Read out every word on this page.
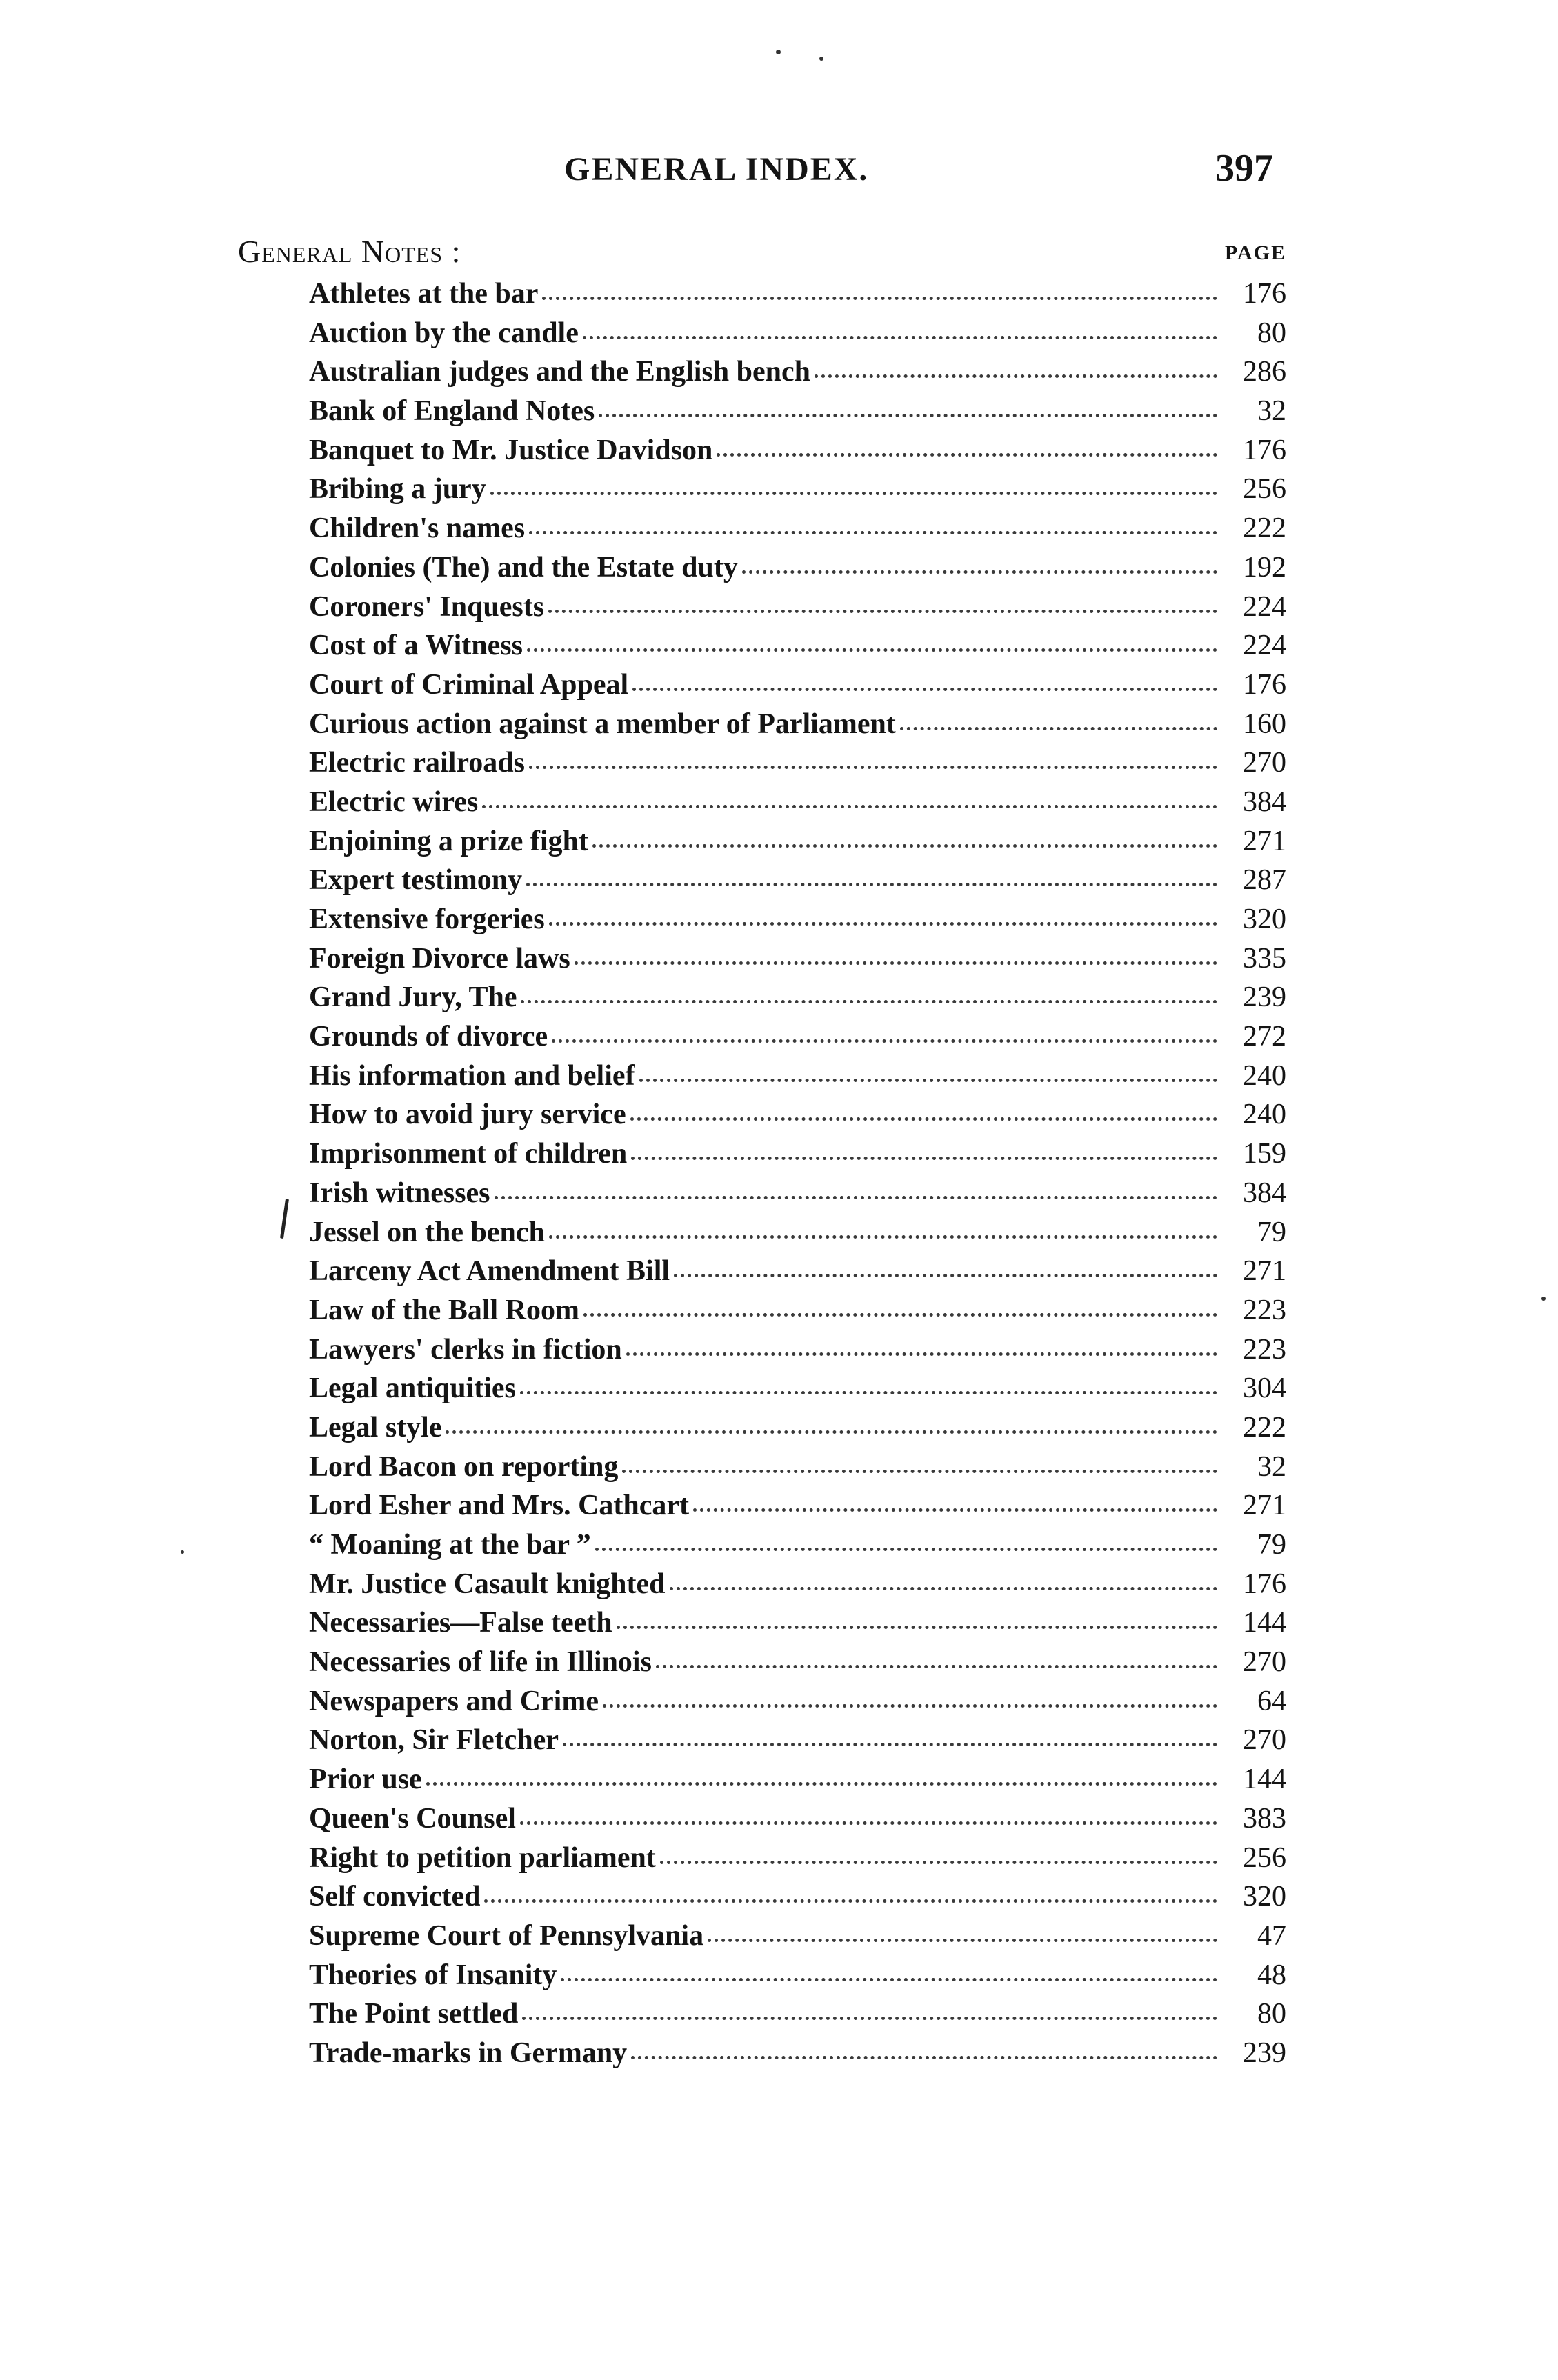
GENERAL INDEX.	397
General Notes :	PAGE
Athletes at the bar	176
Auction by the candle	80
Australian judges and the English bench	286
Bank of England Notes	32
Banquet to Mr. Justice Davidson	176
Bribing a jury	256
Children's names	222
Colonies (The) and the Estate duty	192
Coroners' Inquests	224
Cost of a Witness	224
Court of Criminal Appeal	176
Curious action against a member of Parliament	160
Electric railroads	270
Electric wires	384
Enjoining a prize fight	271
Expert testimony	287
Extensive forgeries	320
Foreign Divorce laws	335
Grand Jury, The	239
Grounds of divorce	272
His information and belief	240
How to avoid jury service	240
Imprisonment of children	159
Irish witnesses	384
Jessel on the bench	79
Larceny Act Amendment Bill	271
Law of the Ball Room	223
Lawyers' clerks in fiction	223
Legal antiquities	304
Legal style	222
Lord Bacon on reporting	32
Lord Esher and Mrs. Cathcart	271
“ Moaning at the bar ”	79
Mr. Justice Casault knighted	176
Necessaries—False teeth	144
Necessaries of life in Illinois	270
Newspapers and Crime	64
Norton, Sir Fletcher	270
Prior use	144
Queen's Counsel	383
Right to petition parliament	256
Self convicted	320
Supreme Court of Pennsylvania	47
Theories of Insanity	48
The Point settled	80
Trade-marks in Germany	239
